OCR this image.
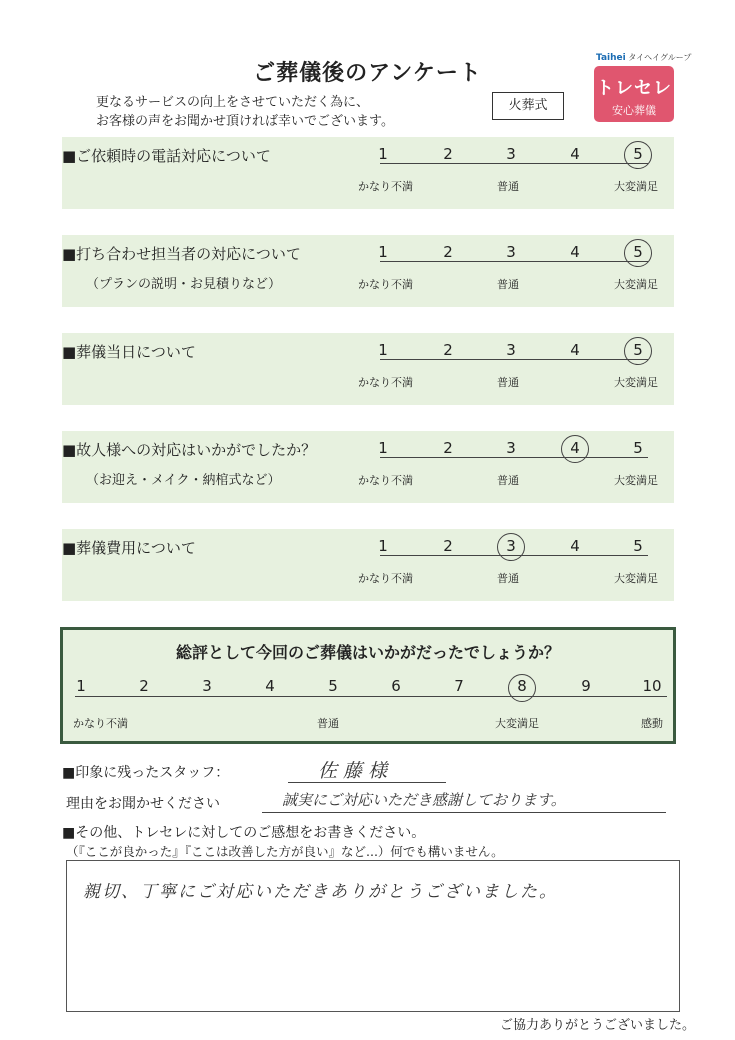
ご葬儀後のアンケート
更なるサービスの向上をさせていただく為に、
お客様の声をお聞かせ頂ければ幸いでございます。
火葬式
Taihei タイヘイグループ
トレセレ
安心葬儀
■ご依頼時の電話対応について	1	2	3	4	5
かなり不満	普通	大変満足
■打ち合わせ担当者の対応について
（プランの説明・お見積りなど）
1	2	3	4	5
かなり不満	普通	大変満足
■葬儀当日について	1	2	3	4	5
かなり不満	普通	大変満足
■故人様への対応はいかがでしたか？
（お迎え・メイク・納棺式など）
1	2	3	4	5
かなり不満	普通	大変満足
■葬儀費用について	1	2	3	4	5
かなり不満	普通	大変満足
総評として今回のご葬儀はいかがだったでしょうか？
1	2	3	4	5	6	7	8	9	10
かなり不満	普通	大変満足	感動
■印象に残ったスタッフ：	佐藤様
理由をお聞かせください	誠実にご対応いただき感謝しております。
■その他、トレセレに対してのご感想をお書きください。
（『ここが良かった』『ここは改善した方が良い』など...）何でも構いません。
親切、丁寧にご対応いただきありがとうございました。
ご協力ありがとうございました。
